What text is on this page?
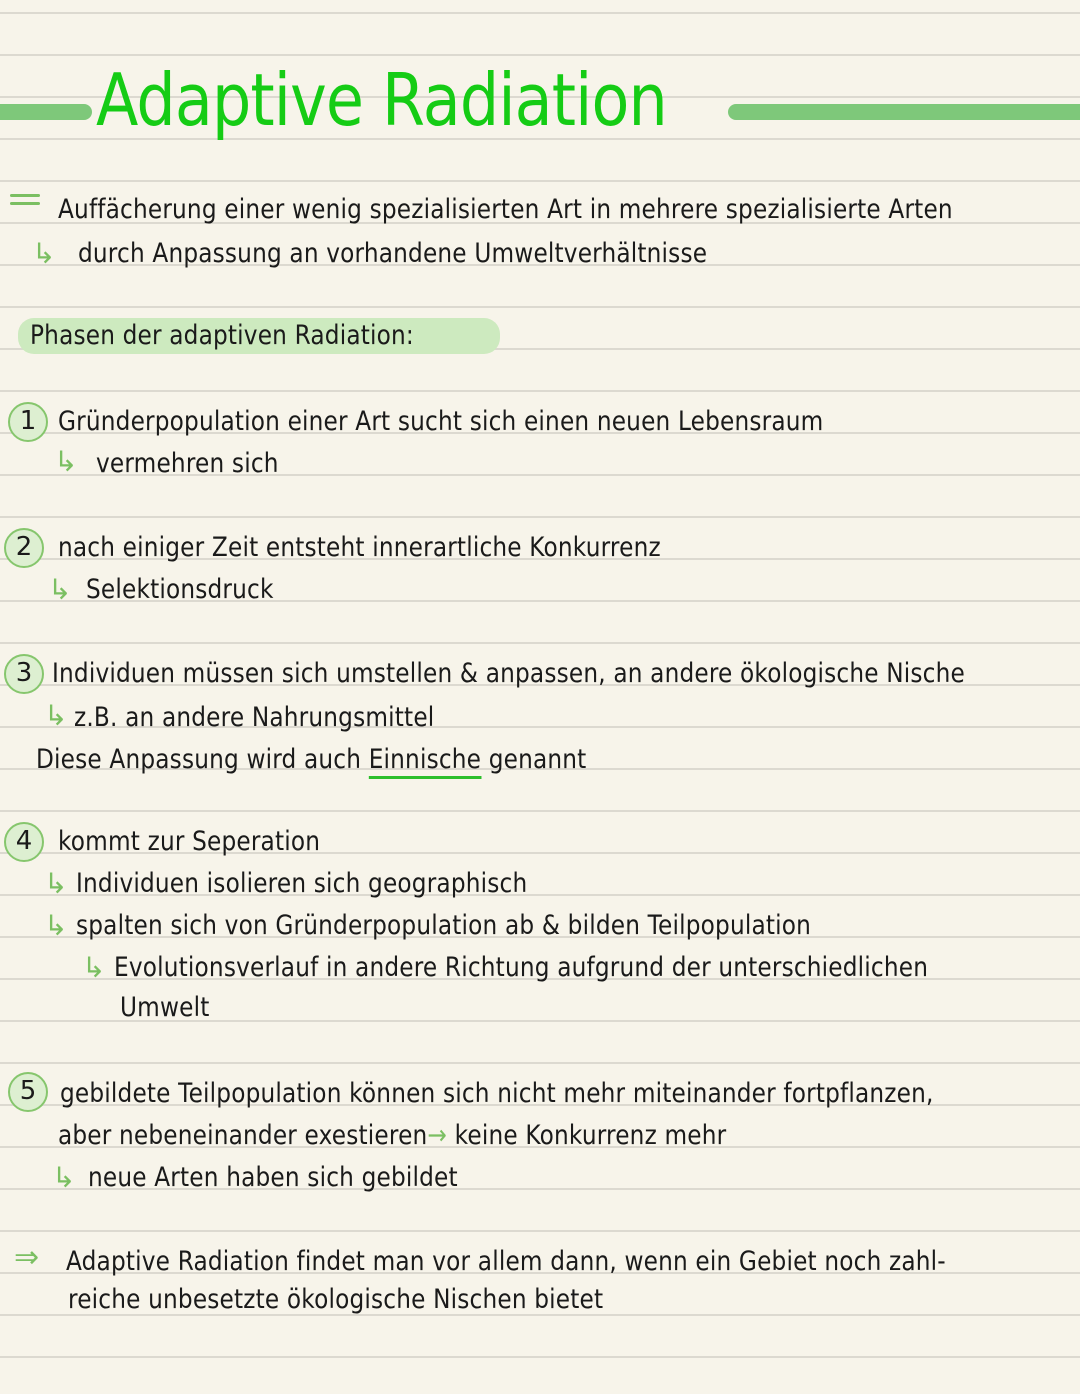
Adaptive Radiation
Auffächerung einer wenig spezialisierten Art in mehrere spezialisierte Arten
↳ durch Anpassung an vorhandene Umweltverhältnisse
Phasen der adaptiven Radiation:
1 Gründerpopulation einer Art sucht sich einen neuen Lebensraum
↳ vermehren sich
2 nach einiger Zeit entsteht innerartliche Konkurrenz
↳ Selektionsdruck
3 Individuen müssen sich umstellen & anpassen, an andere ökologische Nische
↳ z.B. an andere Nahrungsmittel
Diese Anpassung wird auch Einnische genannt
4 kommt zur Seperation
↳ Individuen isolieren sich geographisch
↳ spalten sich von Gründerpopulation ab & bilden Teilpopulation
↳ Evolutionsverlauf in andere Richtung aufgrund der unterschiedlichen
Umwelt
5 gebildete Teilpopulation können sich nicht mehr miteinander fortpflanzen,
aber nebeneinander exestieren→ keine Konkurrenz mehr
↳ neue Arten haben sich gebildet
⇒ Adaptive Radiation findet man vor allem dann, wenn ein Gebiet noch zahl-
reiche unbesetzte ökologische Nischen bietet
